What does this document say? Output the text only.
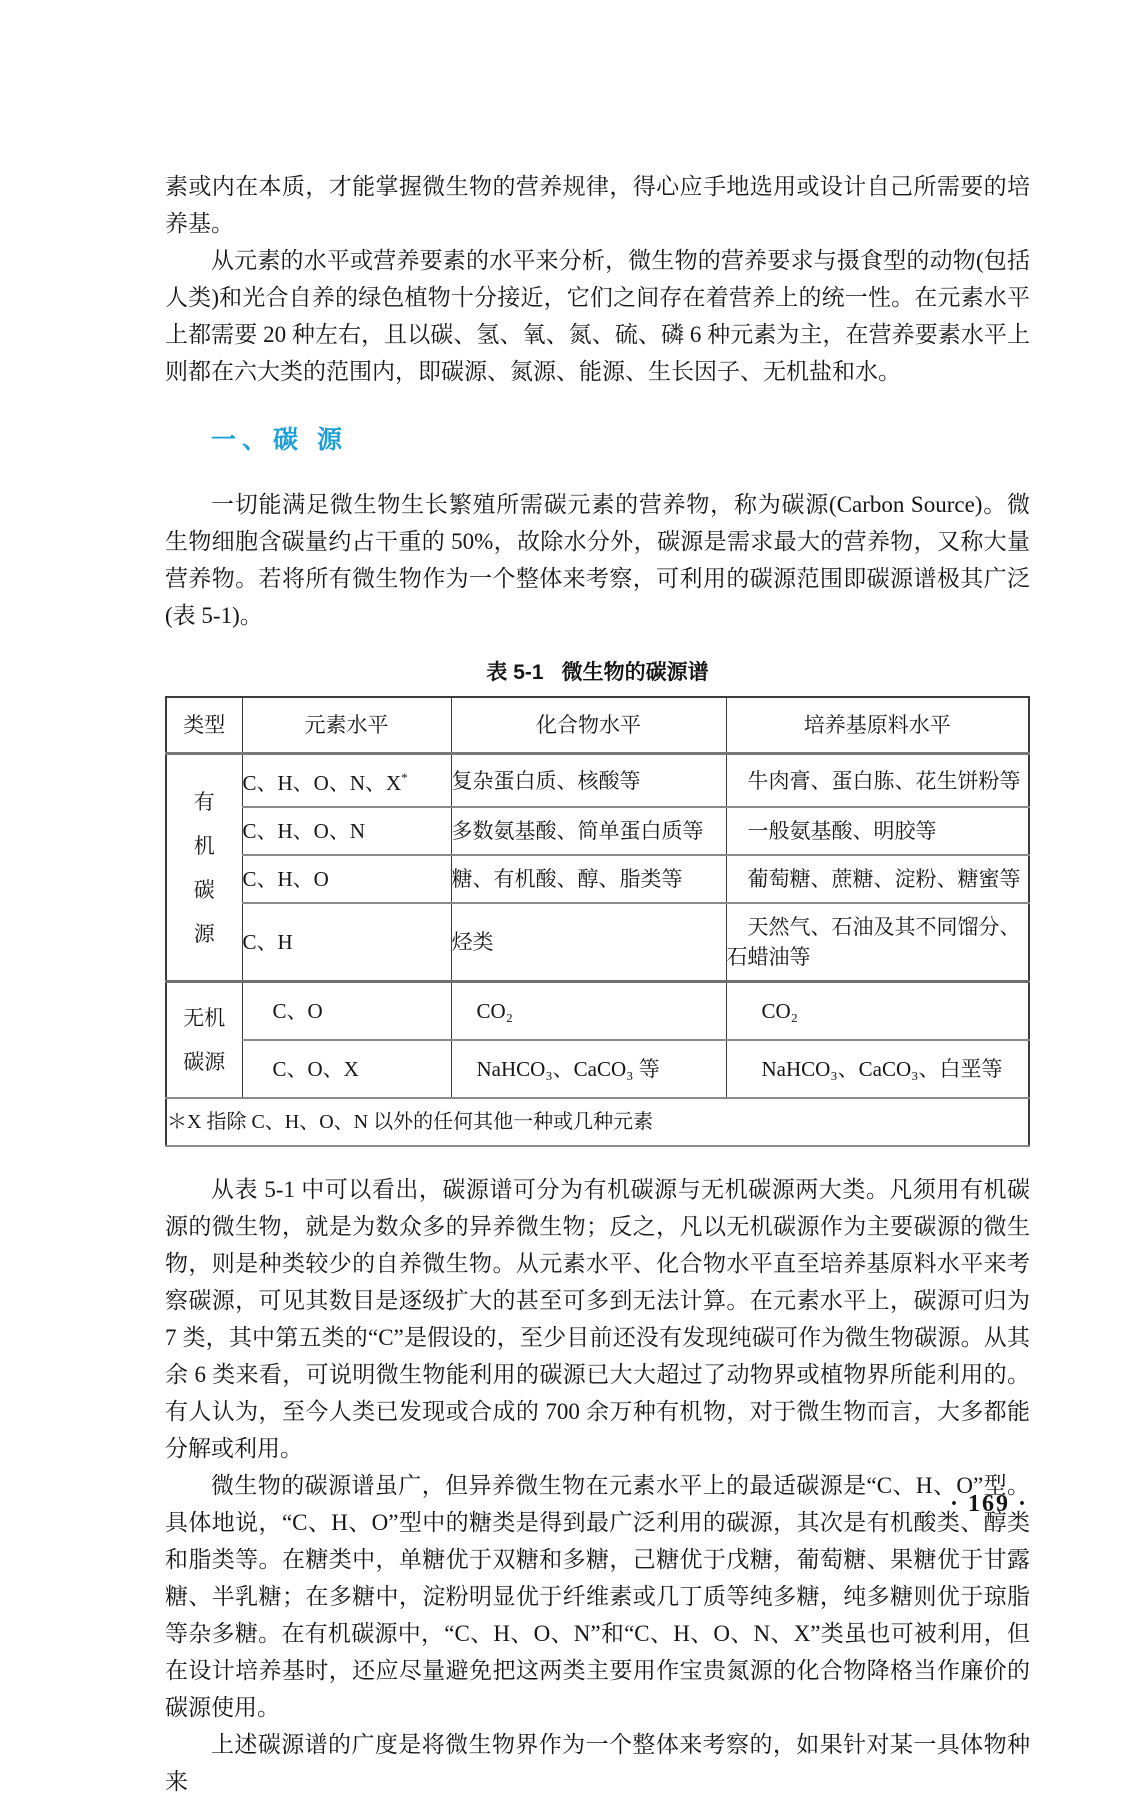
素或内在本质，才能掌握微生物的营养规律，得心应手地选用或设计自己所需要的培养基。

从元素的水平或营养要素的水平来分析，微生物的营养要求与摄食型的动物(包括人类)和光合自养的绿色植物十分接近，它们之间存在着营养上的统一性。在元素水平上都需要 20 种左右，且以碳、氢、氧、氮、硫、磷 6 种元素为主，在营养要素水平上则都在六大类的范围内，即碳源、氮源、能源、生长因子、无机盐和水。

一、碳 源

一切能满足微生物生长繁殖所需碳元素的营养物，称为碳源(Carbon Source)。微生物细胞含碳量约占干重的 50%，故除水分外，碳源是需求最大的营养物，又称大量营养物。若将所有微生物作为一个整体来考察，可利用的碳源范围即碳源谱极其广泛(表 5-1)。

表 5-1 微生物的碳源谱
类型	元素水平	化合物水平	培养基原料水平
有机碳源	C、H、O、N、X*	复杂蛋白质、核酸等	牛肉膏、蛋白胨、花生饼粉等
	C、H、O、N	多数氨基酸、简单蛋白质等	一般氨基酸、明胶等
	C、H、O	糖、有机酸、醇、脂类等	葡萄糖、蔗糖、淀粉、糖蜜等
	C、H	烃类	天然气、石油及其不同馏分、石蜡油等
无机碳源	C、O	CO₂	CO₂
	C、O、X	NaHCO₃、CaCO₃ 等	NaHCO₃、CaCO₃、白垩等
＊X 指除 C、H、O、N 以外的任何其他一种或几种元素			

从表 5-1 中可以看出，碳源谱可分为有机碳源与无机碳源两大类。凡须用有机碳源的微生物，就是为数众多的异养微生物；反之，凡以无机碳源作为主要碳源的微生物，则是种类较少的自养微生物。从元素水平、化合物水平直至培养基原料水平来考察碳源，可见其数目是逐级扩大的甚至可多到无法计算。在元素水平上，碳源可归为 7 类，其中第五类的“C”是假设的，至少目前还没有发现纯碳可作为微生物碳源。从其余 6 类来看，可说明微生物能利用的碳源已大大超过了动物界或植物界所能利用的。有人认为，至今人类已发现或合成的 700 余万种有机物，对于微生物而言，大多都能分解或利用。

微生物的碳源谱虽广，但异养微生物在元素水平上的最适碳源是“C、H、O”型。具体地说，“C、H、O”型中的糖类是得到最广泛利用的碳源，其次是有机酸类、醇类和脂类等。在糖类中，单糖优于双糖和多糖，己糖优于戊糖，葡萄糖、果糖优于甘露糖、半乳糖；在多糖中，淀粉明显优于纤维素或几丁质等纯多糖，纯多糖则优于琼脂等杂多糖。在有机碳源中，“C、H、O、N”和“C、H、O、N、X”类虽也可被利用，但在设计培养基时，还应尽量避免把这两类主要用作宝贵氮源的化合物降格当作廉价的碳源使用。

上述碳源谱的广度是将微生物界作为一个整体来考察的，如果针对某一具体物种来

· 169 ·
